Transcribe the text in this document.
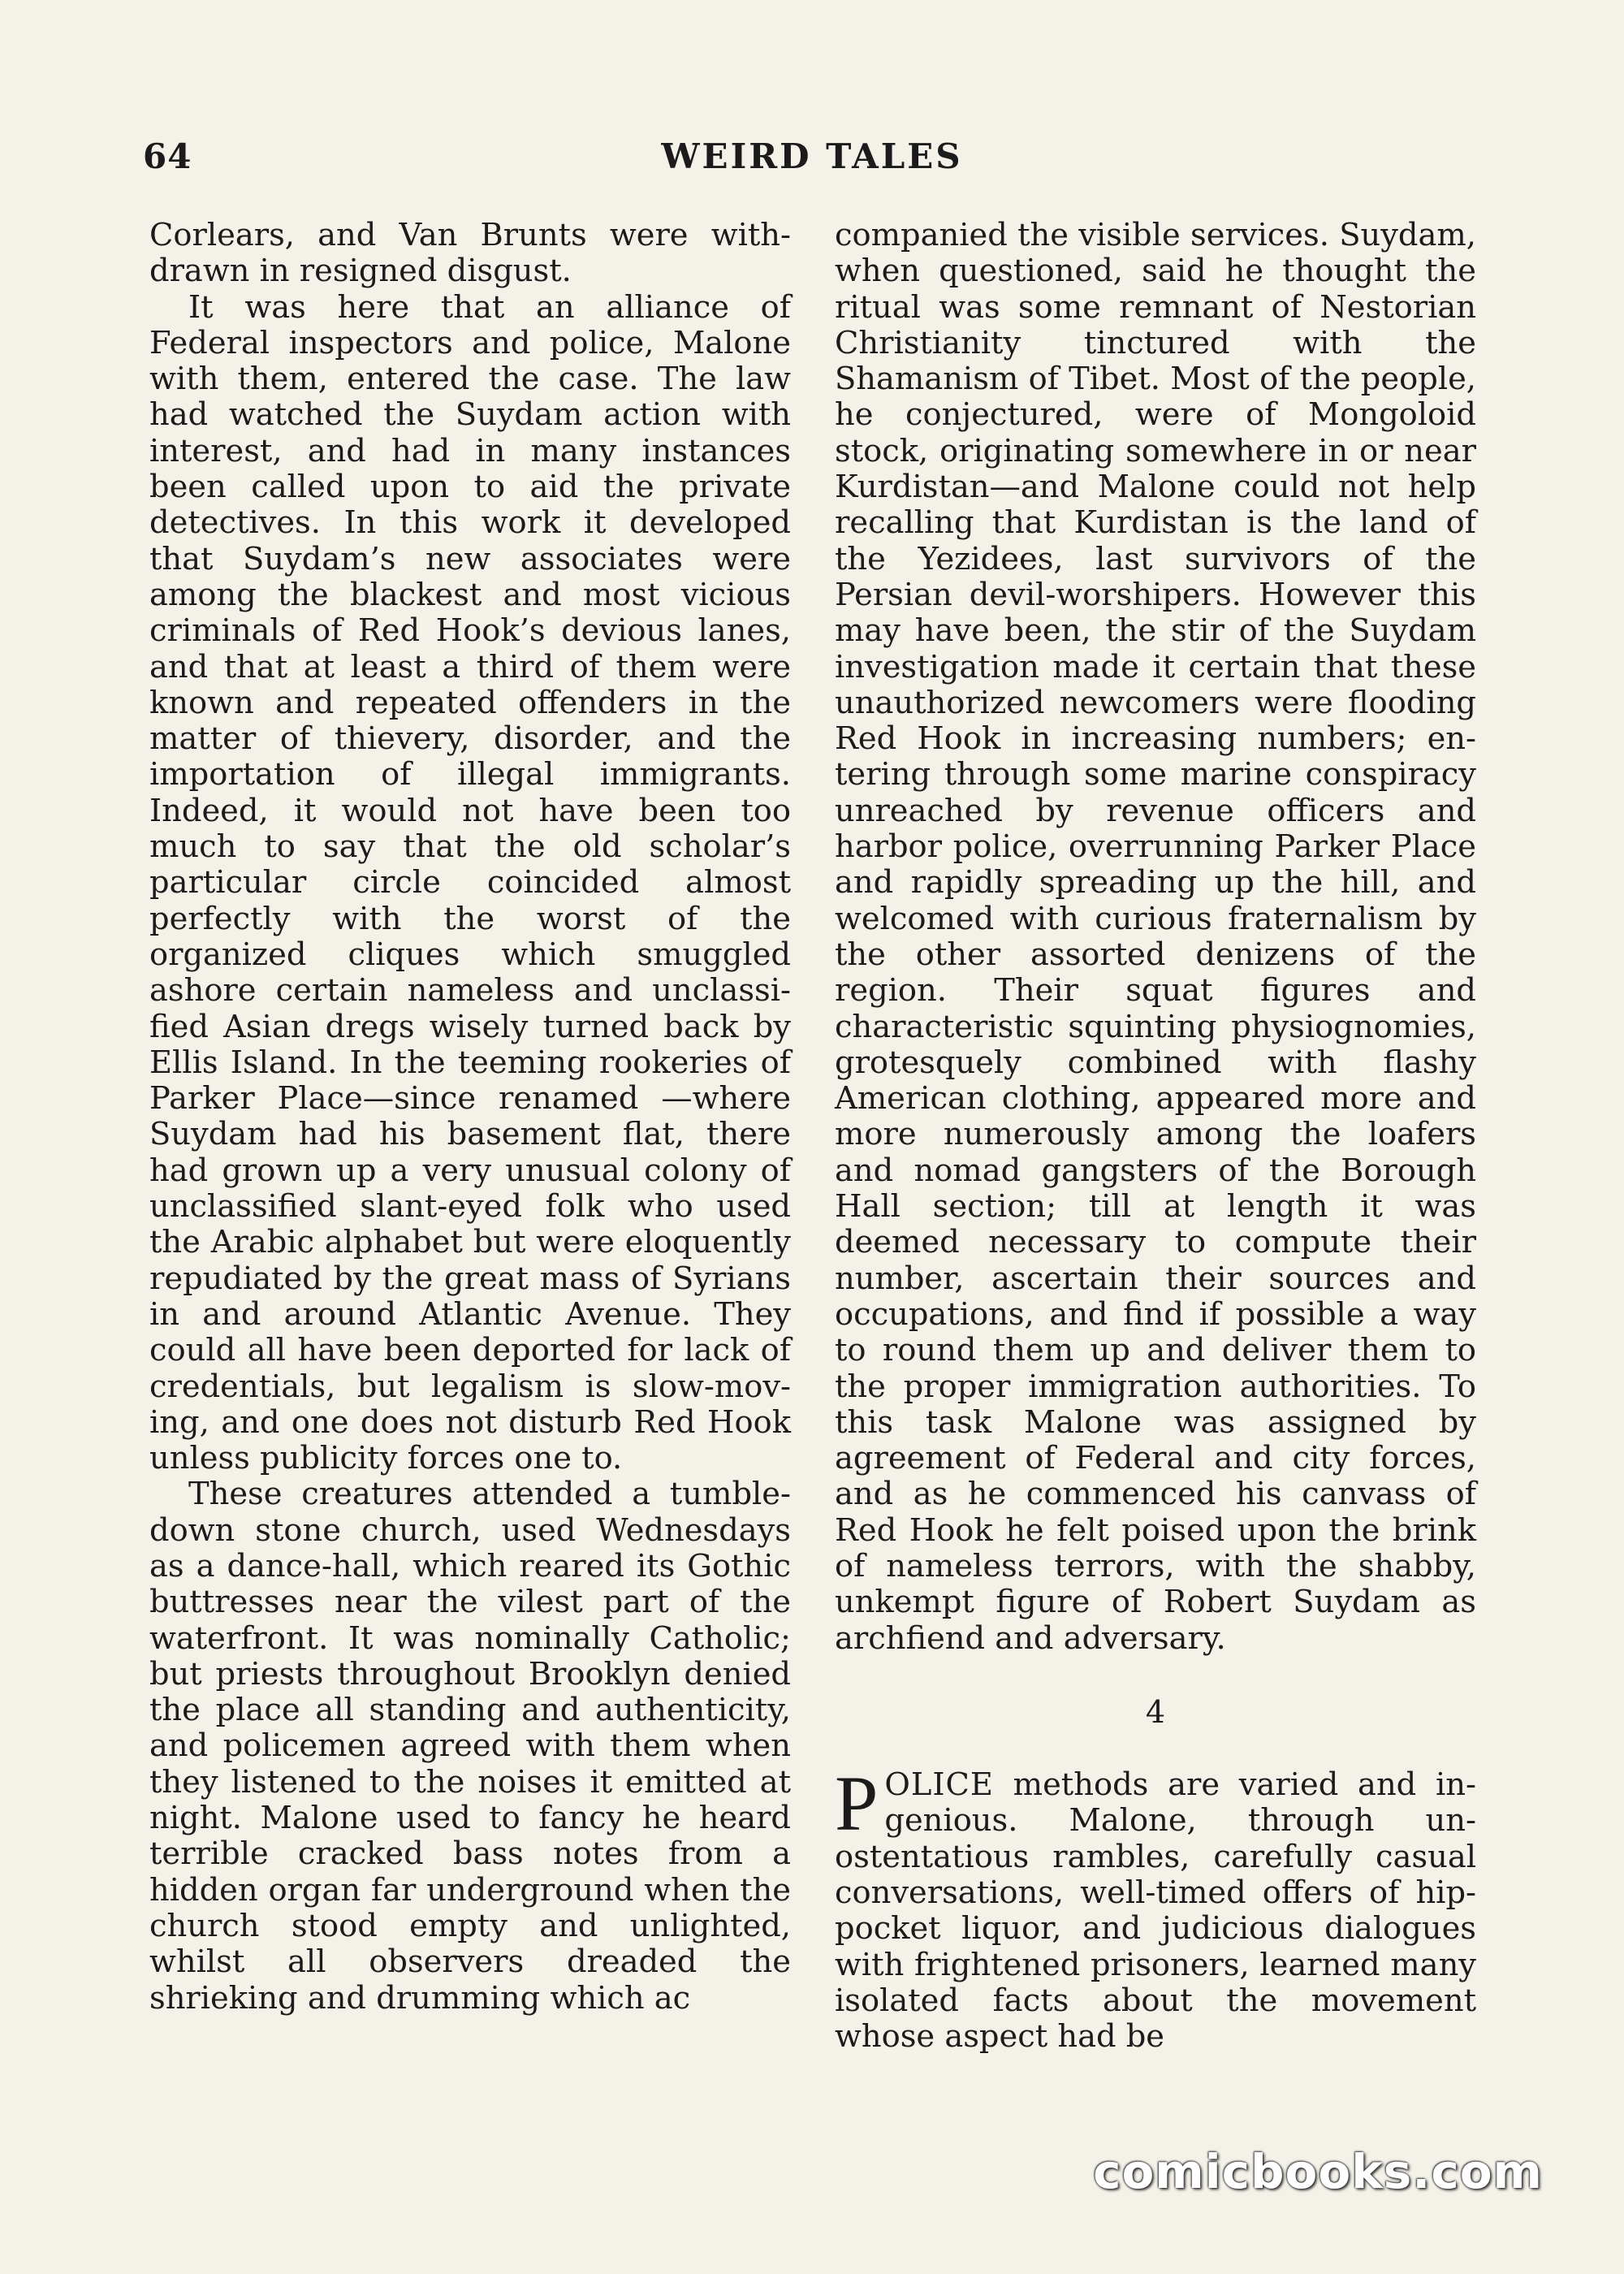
64	WEIRD TALES

Corlears, and Van Brunts were withdrawn in resigned disgust.

It was here that an alliance of Federal inspectors and police, Malone with them, entered the case. The law had watched the Suydam action with interest, and had in many instances been called upon to aid the private detectives. In this work it developed that Suydam’s new associates were among the blackest and most vicious criminals of Red Hook’s devious lanes, and that at least a third of them were known and repeated offenders in the matter of thievery, disorder, and the importation of illegal immigrants. Indeed, it would not have been too much to say that the old scholar’s particular circle coincided almost perfectly with the worst of the organized cliques which smuggled ashore certain nameless and unclassified Asian dregs wisely turned back by Ellis Island. In the teeming rookeries of Parker Place—since renamed —where Suydam had his basement flat, there had grown up a very unusual colony of unclassified slant-eyed folk who used the Arabic alphabet but were eloquently repudiated by the great mass of Syrians in and around Atlantic Avenue. They could all have been deported for lack of credentials, but legalism is slow-moving, and one does not disturb Red Hook unless publicity forces one to.

These creatures attended a tumbledown stone church, used Wednesdays as a dance-hall, which reared its Gothic buttresses near the vilest part of the waterfront. It was nominally Catholic; but priests throughout Brooklyn denied the place all standing and authenticity, and policemen agreed with them when they listened to the noises it emitted at night. Malone used to fancy he heard terrible cracked bass notes from a hidden organ far underground when the church stood empty and unlighted, whilst all observers dreaded the shrieking and drumming which ac

companied the visible services. Suydam, when questioned, said he thought the ritual was some remnant of Nestorian Christianity tinctured with the Shamanism of Tibet. Most of the people, he conjectured, were of Mongoloid stock, originating somewhere in or near Kurdistan—and Malone could not help recalling that Kurdistan is the land of the Yezidees, last survivors of the Persian devil-worshipers. However this may have been, the stir of the Suydam investigation made it certain that these unauthorized newcomers were flooding Red Hook in increasing numbers; entering through some marine conspiracy unreached by revenue officers and harbor police, overrunning Parker Place and rapidly spreading up the hill, and welcomed with curious fraternalism by the other assorted denizens of the region. Their squat figures and characteristic squinting physiognomies, grotesquely combined with flashy American clothing, appeared more and more numerously among the loafers and nomad gangsters of the Borough Hall section; till at length it was deemed necessary to compute their number, ascertain their sources and occupations, and find if possible a way to round them up and deliver them to the proper immigration authorities. To this task Malone was assigned by agreement of Federal and city forces, and as he commenced his canvass of Red Hook he felt poised upon the brink of nameless terrors, with the shabby, unkempt figure of Robert Suydam as archfiend and adversary.

4

POLICE methods are varied and ingenious. Malone, through unostentatious rambles, carefully casual conversations, well-timed offers of hip-pocket liquor, and judicious dialogues with frightened prisoners, learned many isolated facts about the movement whose aspect had be

comicbooks.com
